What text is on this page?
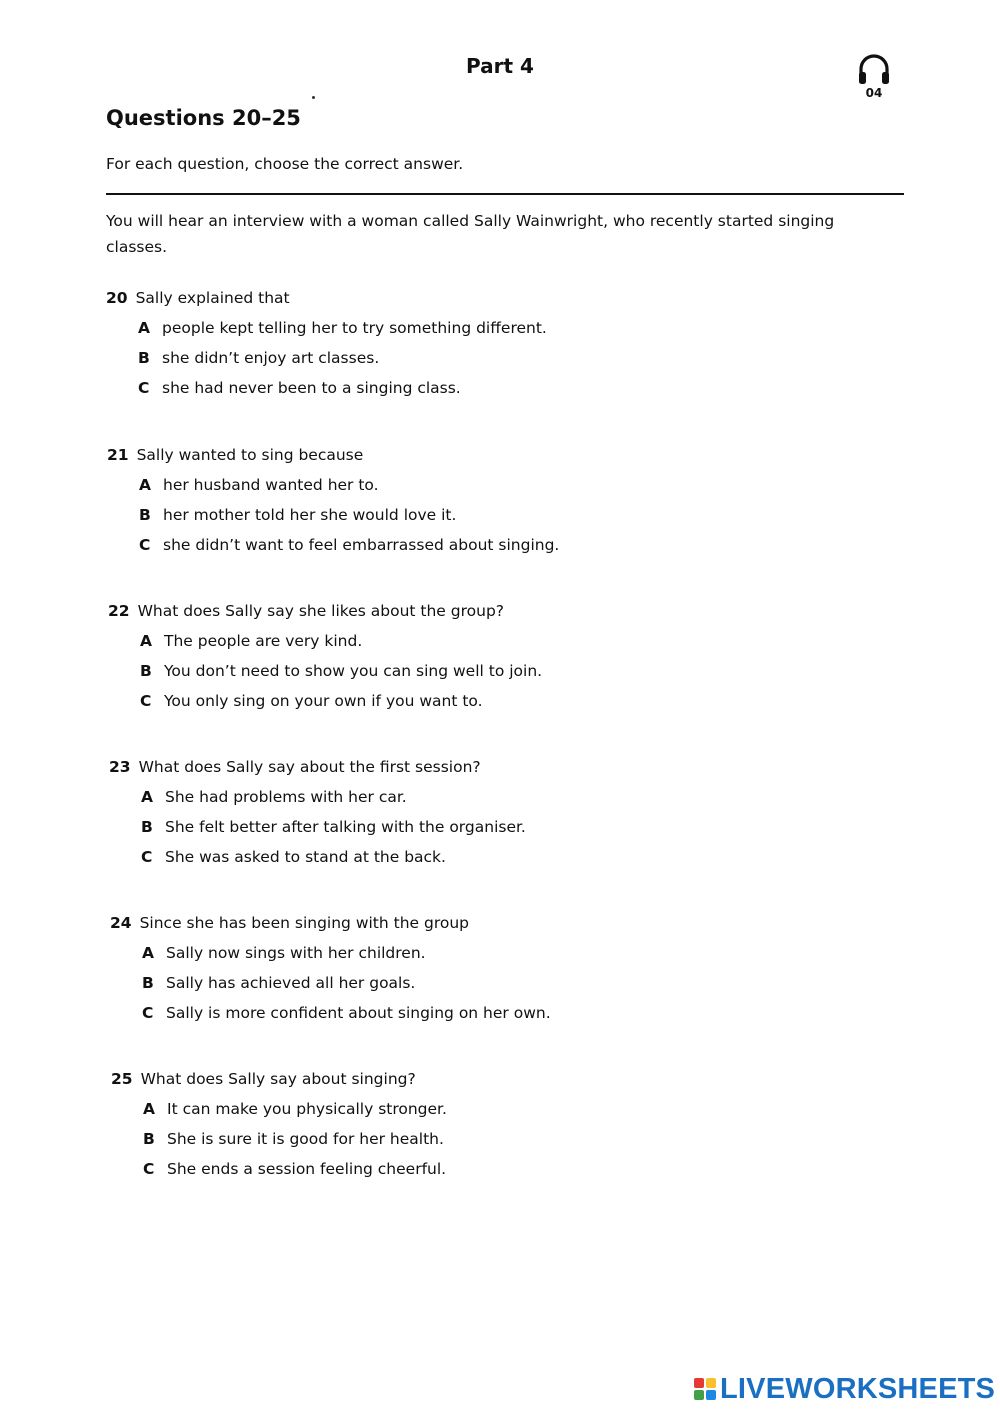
Part 4
04
Questions 20–25
For each question, choose the correct answer.
You will hear an interview with a woman called Sally Wainwright, who recently started singing classes.
20 Sally explained that
A people kept telling her to try something different.
B she didn’t enjoy art classes.
C she had never been to a singing class.
21 Sally wanted to sing because
A her husband wanted her to.
B her mother told her she would love it.
C she didn’t want to feel embarrassed about singing.
22 What does Sally say she likes about the group?
A The people are very kind.
B You don’t need to show you can sing well to join.
C You only sing on your own if you want to.
23 What does Sally say about the first session?
A She had problems with her car.
B She felt better after talking with the organiser.
C She was asked to stand at the back.
24 Since she has been singing with the group
A Sally now sings with her children.
B Sally has achieved all her goals.
C Sally is more confident about singing on her own.
25 What does Sally say about singing?
A It can make you physically stronger.
B She is sure it is good for her health.
C She ends a session feeling cheerful.
LIVEWORKSHEETS
